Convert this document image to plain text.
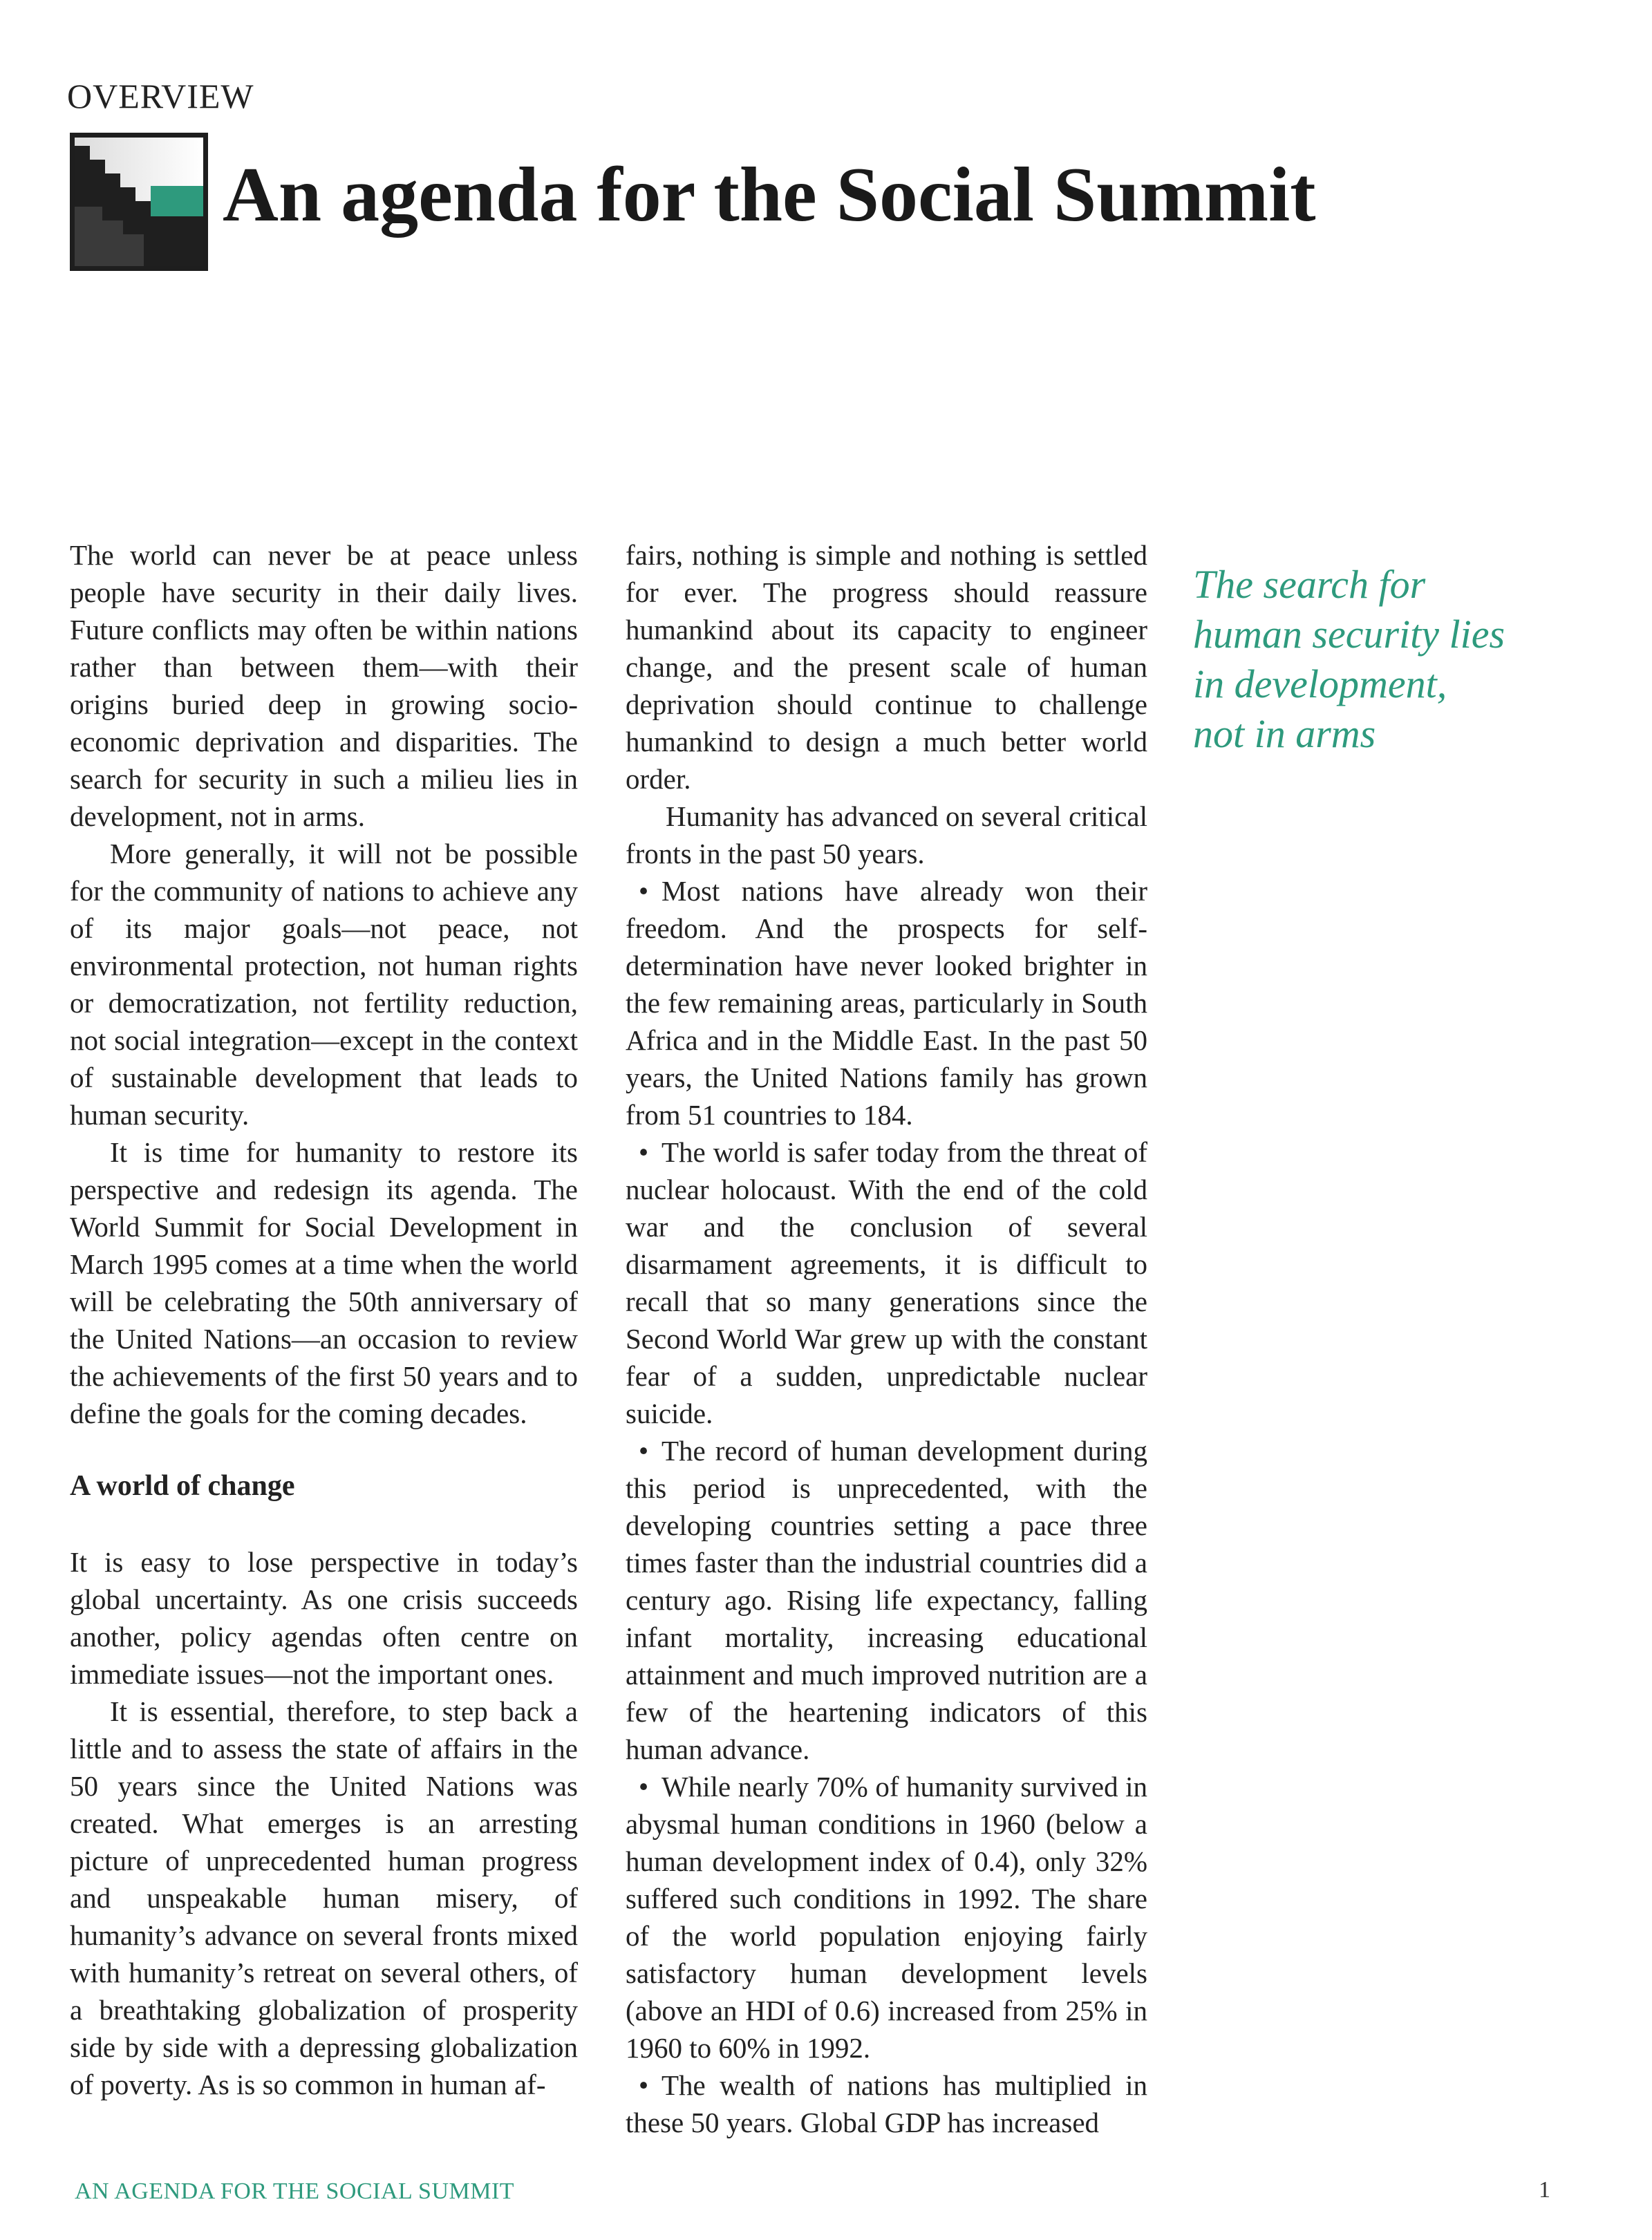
OVERVIEW
An agenda for the Social Summit

The world can never be at peace unless people have security in their daily lives. Future conflicts may often be within nations rather than between them—with their origins buried deep in growing socio-economic deprivation and disparities. The search for security in such a milieu lies in development, not in arms.

More generally, it will not be possible for the community of nations to achieve any of its major goals—not peace, not environmental protection, not human rights or democratization, not fertility reduction, not social integration—except in the context of sustainable development that leads to human security.

It is time for humanity to restore its perspective and redesign its agenda. The World Summit for Social Development in March 1995 comes at a time when the world will be celebrating the 50th anniversary of the United Nations—an occasion to review the achievements of the first 50 years and to define the goals for the coming decades.

A world of change

It is easy to lose perspective in today’s global uncertainty. As one crisis succeeds another, policy agendas often centre on immediate issues—not the important ones.

It is essential, therefore, to step back a little and to assess the state of affairs in the 50 years since the United Nations was created. What emerges is an arresting picture of unprecedented human progress and unspeakable human misery, of humanity’s advance on several fronts mixed with humanity’s retreat on several others, of a breathtaking globalization of prosperity side by side with a depressing globalization of poverty. As is so common in human af-

fairs, nothing is simple and nothing is settled for ever. The progress should reassure humankind about its capacity to engineer change, and the present scale of human deprivation should continue to challenge humankind to design a much better world order.

Humanity has advanced on several critical fronts in the past 50 years.

• Most nations have already won their freedom. And the prospects for self-determination have never looked brighter in the few remaining areas, particularly in South Africa and in the Middle East. In the past 50 years, the United Nations family has grown from 51 countries to 184.

• The world is safer today from the threat of nuclear holocaust. With the end of the cold war and the conclusion of several disarmament agreements, it is difficult to recall that so many generations since the Second World War grew up with the constant fear of a sudden, unpredictable nuclear suicide.

• The record of human development during this period is unprecedented, with the developing countries setting a pace three times faster than the industrial countries did a century ago. Rising life expectancy, falling infant mortality, increasing educational attainment and much improved nutrition are a few of the heartening indicators of this human advance.

• While nearly 70% of humanity survived in abysmal human conditions in 1960 (below a human development index of 0.4), only 32% suffered such conditions in 1992. The share of the world population enjoying fairly satisfactory human development levels (above an HDI of 0.6) increased from 25% in 1960 to 60% in 1992.

• The wealth of nations has multiplied in these 50 years. Global GDP has increased

The search for
human security lies
in development,
not in arms
AN AGENDA FOR THE SOCIAL SUMMIT	1
